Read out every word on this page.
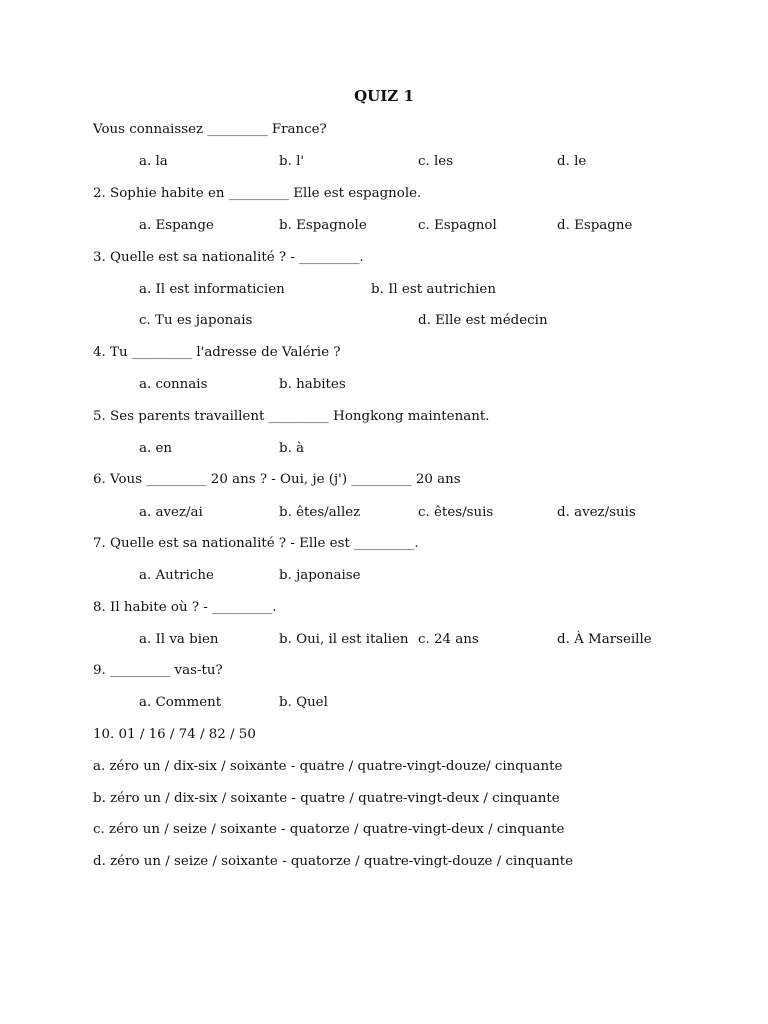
QUIZ 1
Vous connaissez _________ France?
a. la	b. l'	c. les	d. le
2. Sophie habite en _________ Elle est espagnole.
a. Espange	b. Espagnole	c. Espagnol	d. Espagne
3. Quelle est sa nationalité ? - _________.
a. Il est informaticien	b. Il est autrichien
c. Tu es japonais	d. Elle est médecin
4. Tu _________ l'adresse de Valérie ?
a. connais	b. habites
5. Ses parents travaillent _________ Hongkong maintenant.
a. en	b. à
6. Vous _________ 20 ans ? - Oui, je (j') _________ 20 ans
a. avez/ai	b. êtes/allez	c. êtes/suis	d. avez/suis
7. Quelle est sa nationalité ? - Elle est _________.
a. Autriche	b. japonaise
8. Il habite où ? - _________.
a. Il va bien	b. Oui, il est italien c. 24 ans	d. À Marseille
9. _________ vas-tu?
a. Comment	b. Quel
10. 01 / 16 / 74 / 82 / 50
a. zéro un / dix-six / soixante - quatre / quatre-vingt-douze/ cinquante
b. zéro un / dix-six / soixante - quatre / quatre-vingt-deux / cinquante
c. zéro un / seize / soixante - quatorze / quatre-vingt-deux / cinquante
d. zéro un / seize / soixante - quatorze / quatre-vingt-douze / cinquante
